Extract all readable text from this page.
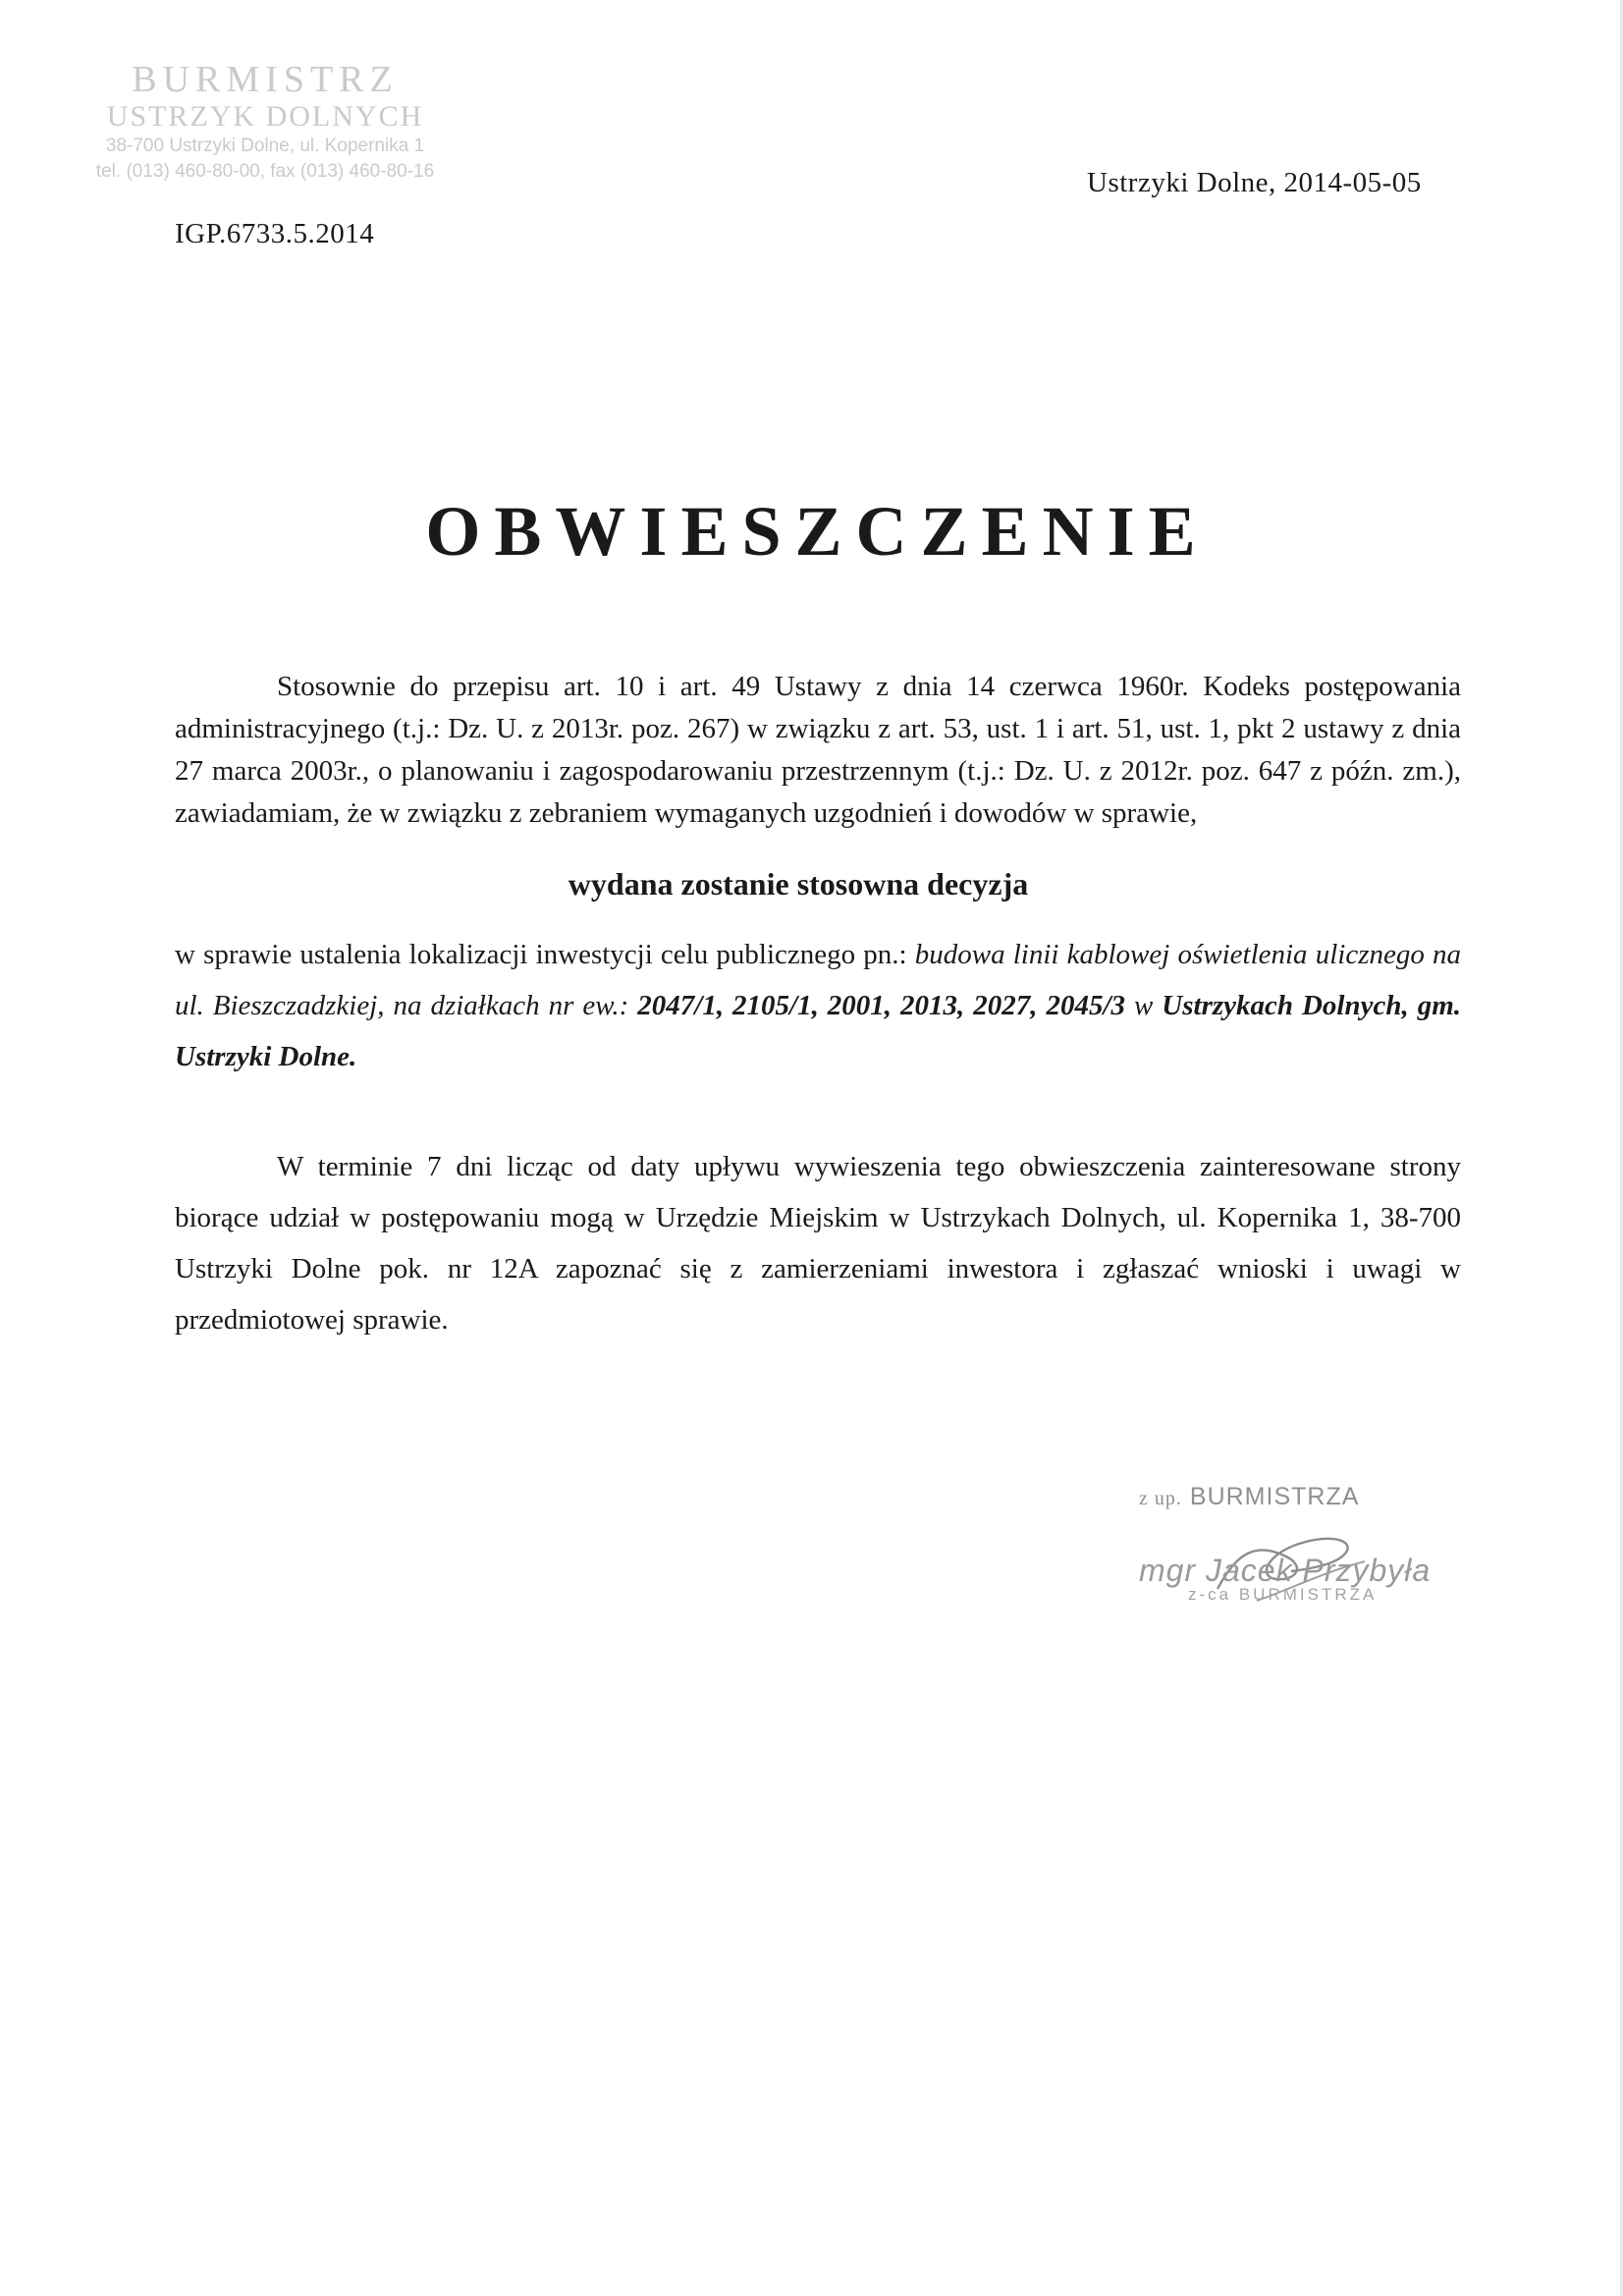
BURMISTRZ
USTRZYK DOLNYCH
38-700 Ustrzyki Dolne, ul. Kopernika 1
tel. (013) 460-80-00, fax (013) 460-80-16	Ustrzyki Dolne, 2014-05-05
IGP.6733.5.2014
OBWIESZCZENIE

Stosownie do przepisu art. 10 i art. 49 Ustawy z dnia 14 czerwca 1960r. Kodeks postępowania administracyjnego (t.j.: Dz. U. z 2013r. poz. 267) w związku z art. 53, ust. 1 i art. 51, ust. 1, pkt 2 ustawy z dnia 27 marca 2003r., o planowaniu i zagospodarowaniu przestrzennym (t.j.: Dz. U. z 2012r. poz. 647 z późn. zm.), zawiadamiam, że w związku z zebraniem wymaganych uzgodnień i dowodów w sprawie,

wydana zostanie stosowna decyzja

w sprawie ustalenia lokalizacji inwestycji celu publicznego pn.: budowa linii kablowej oświetlenia ulicznego na ul. Bieszczadzkiej, na działkach nr ew.: 2047/1, 2105/1, 2001, 2013, 2027, 2045/3 w Ustrzykach Dolnych, gm. Ustrzyki Dolne.

W terminie 7 dni licząc od daty upływu wywieszenia tego obwieszczenia zainteresowane strony biorące udział w postępowaniu mogą w Urzędzie Miejskim w Ustrzykach Dolnych, ul. Kopernika 1, 38-700 Ustrzyki Dolne pok. nr 12A zapoznać się z zamierzeniami inwestora i zgłaszać wnioski i uwagi w przedmiotowej sprawie.

z up. BURMISTRZA
mgr Jacek Przybyła
z-ca BURMISTRZA
